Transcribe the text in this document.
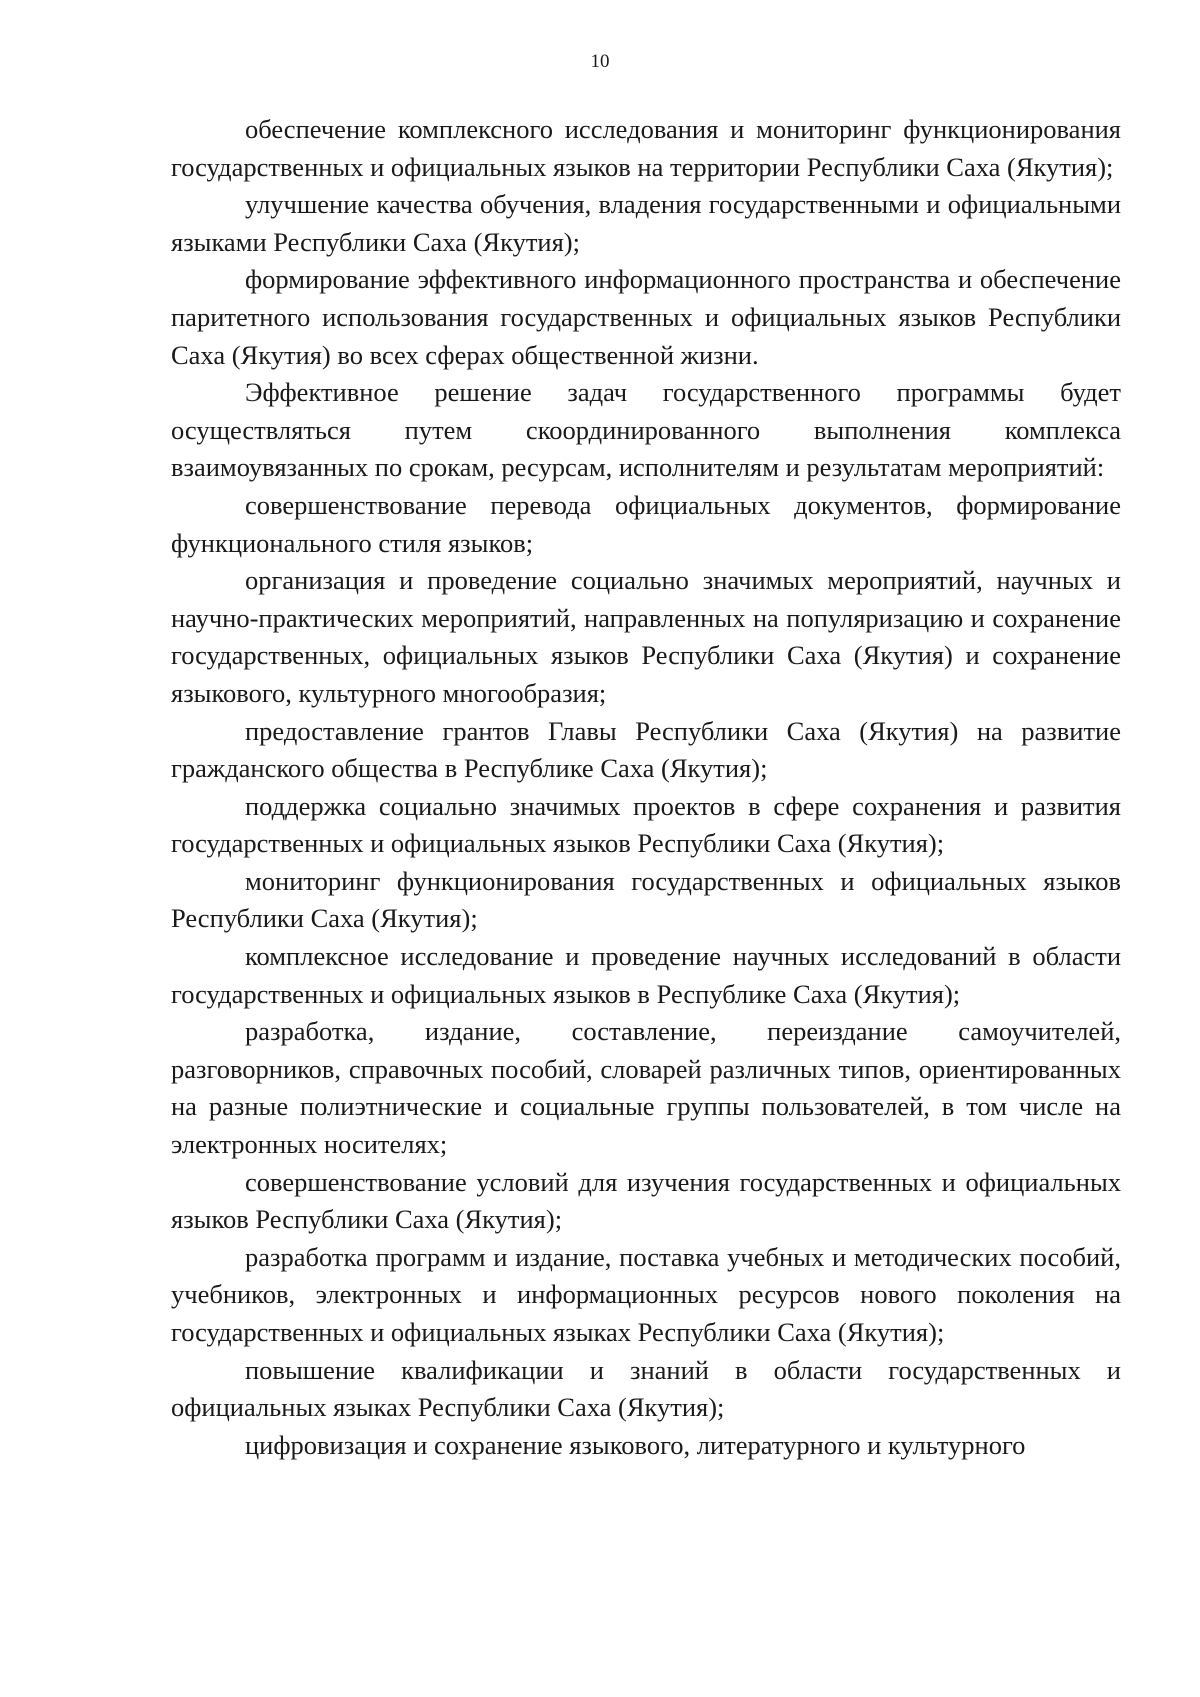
10

обеспечение комплексного исследования и мониторинг функционирования государственных и официальных языков на территории Республики Саха (Якутия);

улучшение качества обучения, владения государственными и официальными языками Республики Саха (Якутия);

формирование эффективного информационного пространства и обеспечение паритетного использования государственных и официальных языков Республики Саха (Якутия) во всех сферах общественной жизни.

Эффективное решение задач государственного программы будет осуществляться путем скоординированного выполнения комплекса взаимоувязанных по срокам, ресурсам, исполнителям и результатам мероприятий:

совершенствование перевода официальных документов, формирование функционального стиля языков;

организация и проведение социально значимых мероприятий, научных и научно-практических мероприятий, направленных на популяризацию и сохранение государственных, официальных языков Республики Саха (Якутия) и сохранение языкового, культурного многообразия;

предоставление грантов Главы Республики Саха (Якутия) на развитие гражданского общества в Республике Саха (Якутия);

поддержка социально значимых проектов в сфере сохранения и развития государственных и официальных языков Республики Саха (Якутия);

мониторинг функционирования государственных и официальных языков Республики Саха (Якутия);

комплексное исследование и проведение научных исследований в области государственных и официальных языков в Республике Саха (Якутия);

разработка, издание, составление, переиздание самоучителей, разговорников, справочных пособий, словарей различных типов, ориентированных на разные полиэтнические и социальные группы пользователей, в том числе на электронных носителях;

совершенствование условий для изучения государственных и официальных языков Республики Саха (Якутия);

разработка программ и издание, поставка учебных и методических пособий, учебников, электронных и информационных ресурсов нового поколения на государственных и официальных языках Республики Саха (Якутия);

повышение квалификации и знаний в области государственных и официальных языках Республики Саха (Якутия);

цифровизация и сохранение языкового, литературного и культурного
